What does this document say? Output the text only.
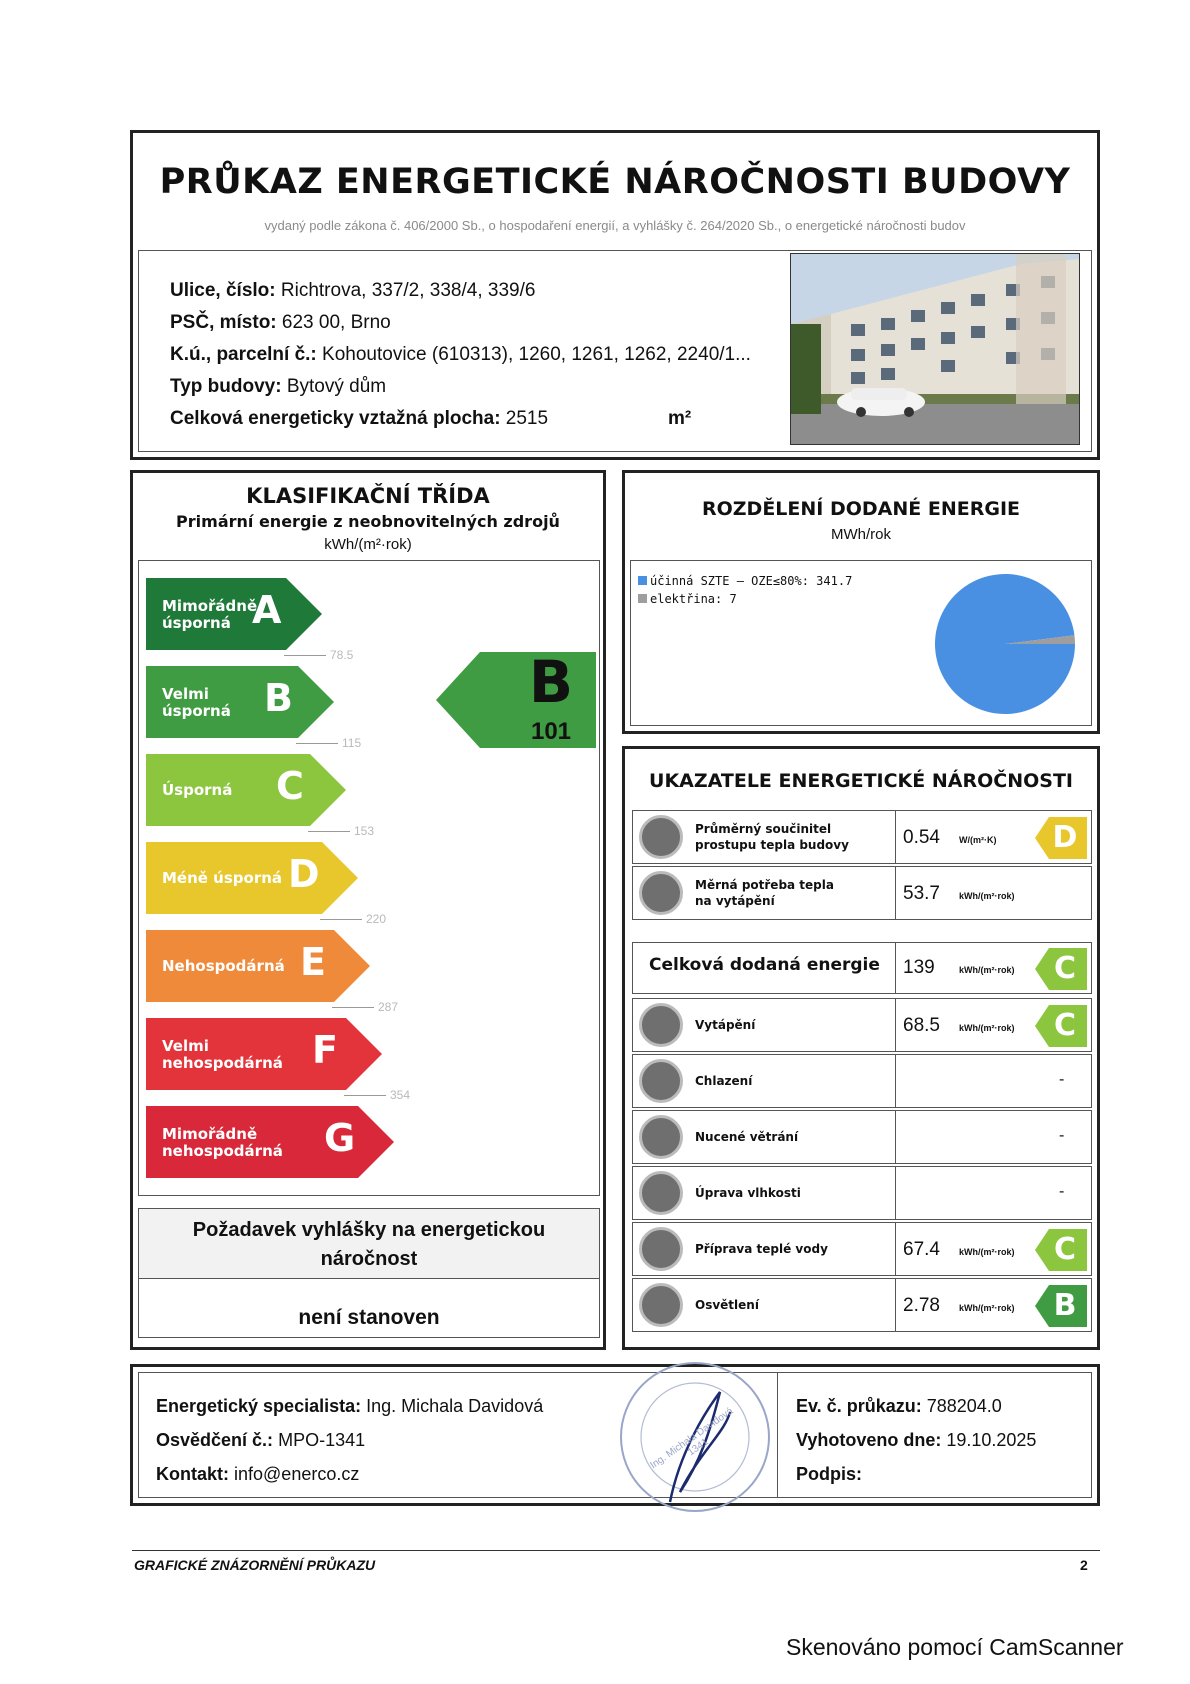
PRŮKAZ ENERGETICKÉ NÁROČNOSTI BUDOVY
vydaný podle zákona č. 406/2000 Sb., o hospodaření energií, a vyhlášky č. 264/2020 Sb., o energetické náročnosti budov
Ulice, číslo: Richtrova, 337/2, 338/4, 339/6
PSČ, místo: 623 00, Brno
K.ú., parcelní č.: Kohoutovice (610313), 1260, 1261, 1262, 2240/1...
Typ budovy: Bytový dům
Celková energeticky vztažná plocha: 2515	m²
KLASIFIKAČNÍ TŘÍDA
Primární energie z neobnovitelných zdrojů
kWh/(m²·rok)
Mimořádně
úsporná A
Velmi
úsporná B
Úsporná C
Méně úsporná D
Nehospodárná E
Velmi
nehospodárná F
Mimořádně
nehospodárná G
78.5
115
153
220
287
354
B
101
Požadavek vyhlášky na energetickou náročnost
není stanoven
ROZDĚLENÍ DODANÉ ENERGIE
MWh/rok
účinná SZTE – OZE≤80%: 341.7
elektřina: 7
UKAZATELE ENERGETICKÉ NÁROČNOSTI
Průměrný součinitel
prostupu tepla budovy	0.54 W/(m²·K) D
Měrná potřeba tepla
na vytápění	53.7 kWh/(m²·rok)
Celková dodaná energie 139	kWh/(m²·rok) C
Vytápění	68.5 kWh/(m²·rok) C
Chlazení	-
Nucené větrání	-
Úprava vlhkosti	-
Příprava teplé vody	67.4 kWh/(m²·rok) C
Osvětlení	2.78 kWh/(m²·rok) B
Energetický specialista: Ing. Michala Davidová
Osvědčení č.: MPO-1341
Kontakt: info@enerco.cz
Ev. č. průkazu: 788204.0
Vyhotoveno dne: 19.10.2025
Podpis:
Ing. Michala Davidová 1341
GRAFICKÉ ZNÁZORNĚNÍ PRŮKAZU	2
Skenováno pomocí CamScanner
